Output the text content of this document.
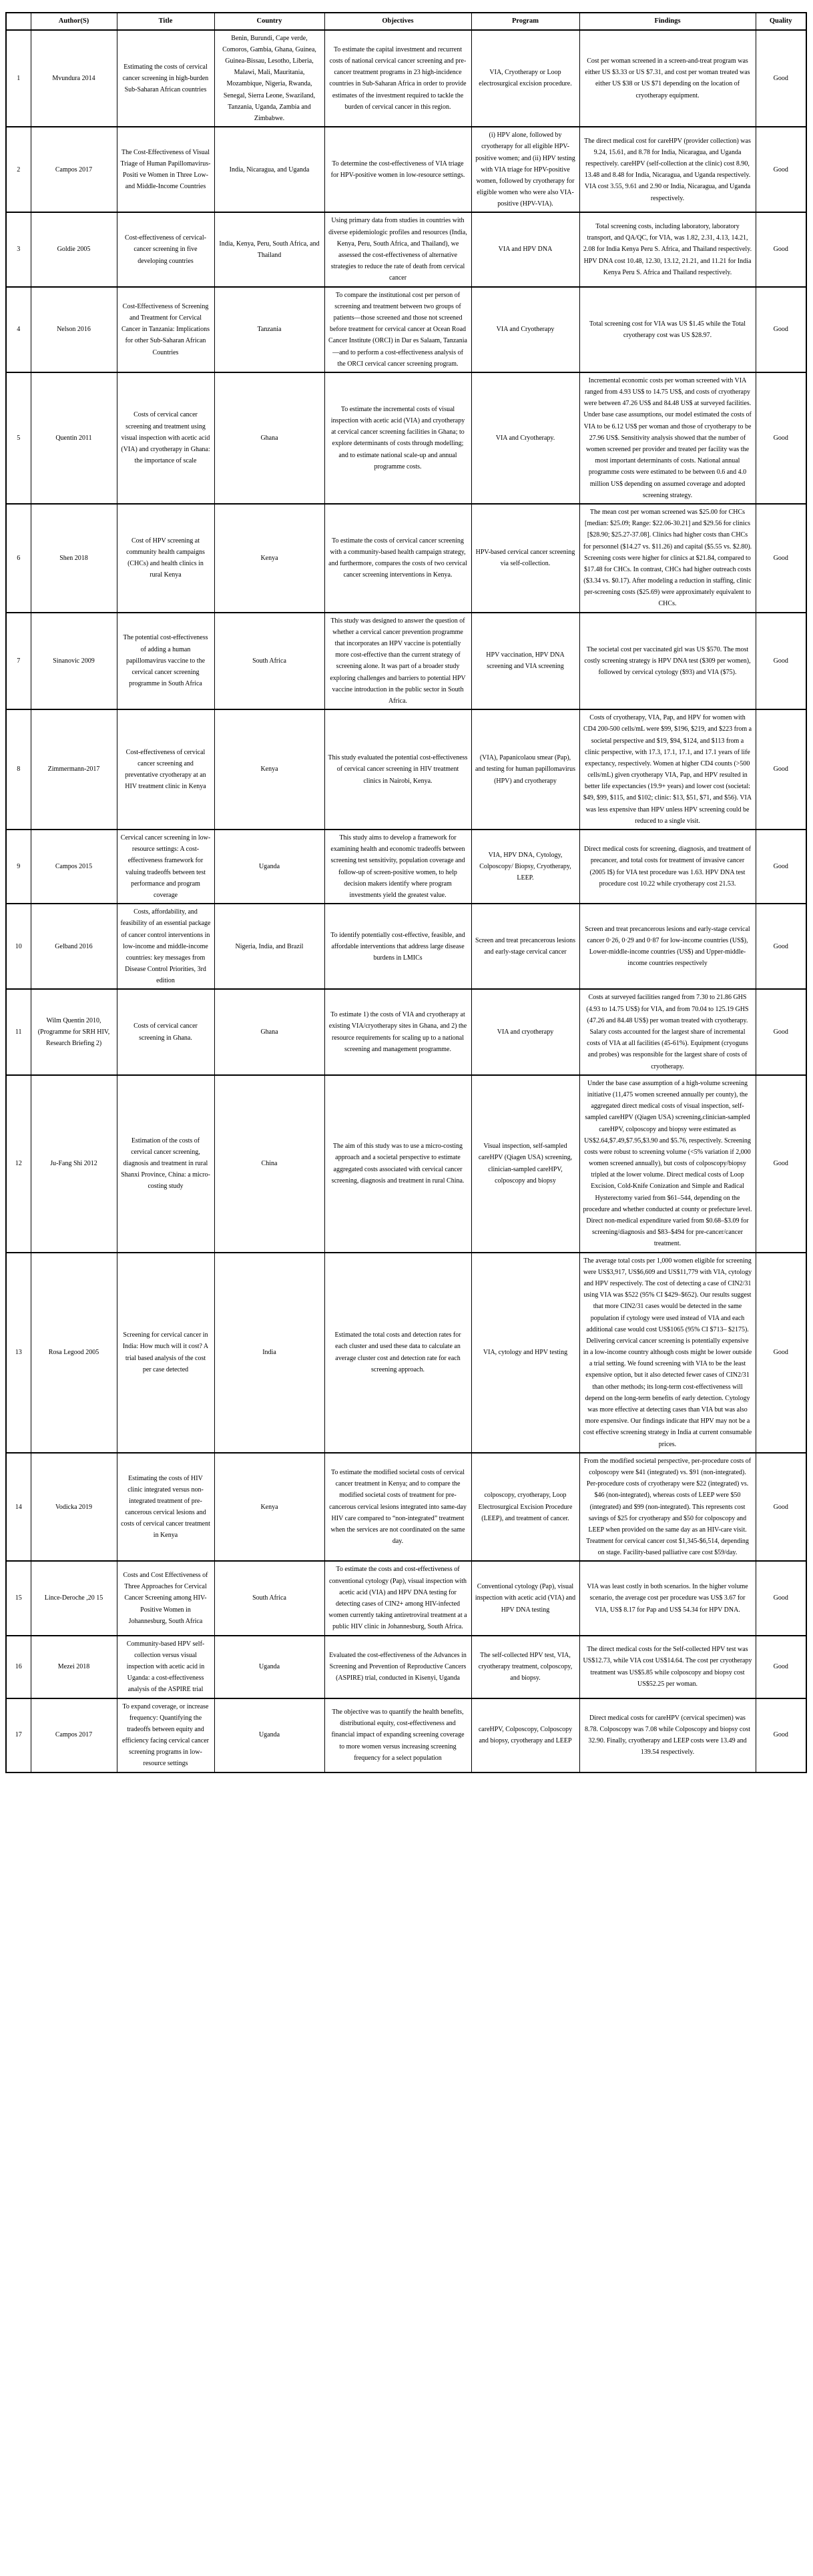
	Author(S)	Title	Country	Objectives	Program	Findings	Quality
1	Mvundura 2014	Estimating the costs of cervical cancer screening in high-burden Sub-Saharan African countries	Benin, Burundi, Cape verde, Comoros, Gambia, Ghana, Guinea, Guinea-Bissau, Lesotho, Liberia, Malawi, Mali, Mauritania, Mozambique, Nigeria, Rwanda, Senegal, Sierra Leone, Swaziland, Tanzania, Uganda, Zambia and Zimbabwe.	To estimate the capital investment and recurrent costs of national cervical cancer screening and pre-cancer treatment programs in 23 high-incidence countries in Sub-Saharan Africa in order to provide estimates of the investment required to tackle the burden of cervical cancer in this region.	VIA, Cryotherapy or Loop electrosurgical excision procedure.	Cost per woman screened in a screen-and-treat program was either US $3.33 or US $7.31, and cost per woman treated was either US $38 or US $71 depending on the location of cryotherapy equipment.	Good
2	Campos 2017	The Cost-Effectiveness of Visual Triage of Human Papillomavirus-Positi ve Women in Three Low- and Middle-Income Countries	India, Nicaragua, and Uganda	To determine the cost-effectiveness of VIA triage for HPV-positive women in low-resource settings.	(i) HPV alone, followed by cryotherapy for all eligible HPV-positive women; and (ii) HPV testing with VIA triage for HPV-positive women, followed by cryotherapy for eligible women who were also VIA-positive (HPV-VIA).	The direct medical cost for careHPV (provider collection) was 9.24, 15.61, and 8.78 for India, Nicaragua, and Uganda respectively. careHPV (self-collection at the clinic) cost 8.90, 13.48 and 8.48 for India, Nicaragua, and Uganda respectively. VIA cost 3.55, 9.61 and 2.90 or India, Nicaragua, and Uganda respectively.	Good
3	Goldie 2005	Cost-effectiveness of cervical-cancer screening in five developing countries	India, Kenya, Peru, South Africa, and Thailand	Using primary data from studies in countries with diverse epidemiologic profiles and resources (India, Kenya, Peru, South Africa, and Thailand), we assessed the cost-effectiveness of alternative strategies to reduce the rate of death from cervical cancer	VIA and HPV DNA	Total screening costs, including laboratory, laboratory transport, and QA/QC, for VIA, was 1.82, 2.31, 4.13, 14.21, 2.08 for India Kenya Peru S. Africa, and Thailand respectively. HPV DNA cost 10.48, 12.30, 13.12, 21.21, and 11.21 for India Kenya Peru S. Africa and Thailand respectively.	Good
4	Nelson 2016	Cost-Effectiveness of Screening and Treatment for Cervical Cancer in Tanzania: Implications for other Sub-Saharan African Countries	Tanzania	To compare the institutional cost per person of screening and treatment between two groups of patients—those screened and those not screened before treatment for cervical cancer at Ocean Road Cancer Institute (ORCI) in Dar es Salaam, Tanzania—and to perform a cost-effectiveness analysis of the ORCI cervical cancer screening program.	VIA and Cryotherapy	Total screening cost for VIA was US $1.45 while the Total cryotherapy cost was US $28.97.	Good
5	Quentin 2011	Costs of cervical cancer screening and treatment using visual inspection with acetic acid (VIA) and cryotherapy in Ghana: the importance of scale	Ghana	To estimate the incremental costs of visual inspection with acetic acid (VIA) and cryotherapy at cervical cancer screening facilities in Ghana; to explore determinants of costs through modelling; and to estimate national scale-up and annual programme costs.	VIA and Cryotherapy.	Incremental economic costs per woman screened with VIA ranged from 4.93 US$ to 14.75 US$, and costs of cryotherapy were between 47.26 US$ and 84.48 US$ at surveyed facilities. Under base case assumptions, our model estimated the costs of VIA to be 6.12 US$ per woman and those of cryotherapy to be 27.96 US$. Sensitivity analysis showed that the number of women screened per provider and treated per facility was the most important determinants of costs. National annual programme costs were estimated to be between 0.6 and 4.0 million US$ depending on assumed coverage and adopted screening strategy.	Good
6	Shen 2018	Cost of HPV screening at community health campaigns (CHCs) and health clinics in rural Kenya	Kenya	To estimate the costs of cervical cancer screening with a community-based health campaign strategy, and furthermore, compares the costs of two cervical cancer screening interventions in Kenya.	HPV-based cervical cancer screening via self-collection.	The mean cost per woman screened was $25.00 for CHCs [median: $25.09; Range: $22.06-30.21] and $29.56 for clinics [$28.90; $25.27-37.08]. Clinics had higher costs than CHCs for personnel ($14.27 vs. $11.26) and capital ($5.55 vs. $2.80). Screening costs were higher for clinics at $21.84, compared to $17.48 for CHCs. In contrast, CHCs had higher outreach costs ($3.34 vs. $0.17). After modeling a reduction in staffing, clinic per-screening costs ($25.69) were approximately equivalent to CHCs.	Good
7	Sinanovic 2009	The potential cost-effectiveness of adding a human papillomavirus vaccine to the cervical cancer screening programme in South Africa	South Africa	This study was designed to answer the question of whether a cervical cancer prevention programme that incorporates an HPV vaccine is potentially more cost-effective than the current strategy of screening alone. It was part of a broader study exploring challenges and barriers to potential HPV vaccine introduction in the public sector in South Africa.	HPV vaccination, HPV DNA screening and VIA screening	The societal cost per vaccinated girl was US $570. The most costly screening strategy is HPV DNA test ($309 per women), followed by cervical cytology ($93) and VIA ($75).	Good
8	Zimmermann-2017	Cost-effectiveness of cervical cancer screening and preventative cryotherapy at an HIV treatment clinic in Kenya	Kenya	This study evaluated the potential cost-effectiveness of cervical cancer screening in HIV treatment clinics in Nairobi, Kenya.	(VIA), Papanicolaou smear (Pap), and testing for human papillomavirus (HPV) and cryotherapy	Costs of cryotherapy, VIA, Pap, and HPV for women with CD4 200-500 cells/mL were $99, $196, $219, and $223 from a societal perspective and $19, $94, $124, and $113 from a clinic perspective, with 17.3, 17.1, 17.1, and 17.1 years of life expectancy, respectively. Women at higher CD4 counts (>500 cells/mL) given cryotherapy VIA, Pap, and HPV resulted in better life expectancies (19.9+ years) and lower cost (societal: $49, $99, $115, and $102; clinic: $13, $51, $71, and $56). VIA was less expensive than HPV unless HPV screening could be reduced to a single visit.	Good
9	Campos 2015	Cervical cancer screening in low-resource settings: A cost-effectiveness framework for valuing tradeoffs between test performance and program coverage	Uganda	This study aims to develop a framework for examining health and economic tradeoffs between screening test sensitivity, population coverage and follow-up of screen-positive women, to help decision makers identify where program investments yield the greatest value.	VIA, HPV DNA, Cytology, Colposcopy/ Biopsy, Cryotherapy, LEEP.	Direct medical costs for screening, diagnosis, and treatment of precancer, and total costs for treatment of invasive cancer (2005 I$) for VIA test procedure was 1.63. HPV DNA test procedure cost 10.22 while cryotherapy cost 21.53.	Good
10	Gelband 2016	Costs, affordability, and feasibility of an essential package of cancer control interventions in low-income and middle-income countries: key messages from Disease Control Priorities, 3rd edition	Nigeria, India, and Brazil	To identify potentially cost-effective, feasible, and affordable interventions that address large disease burdens in LMICs	Screen and treat precancerous lesions and early-stage cervical cancer	Screen and treat precancerous lesions and early-stage cervical cancer 0·26, 0·29 and 0·87 for low-income countries (US$), Lower-middle-income countries (US$) and Upper-middle-income countries respectively	Good
11	Wilm Quentin 2010, (Programme for SRH HIV, Research Briefing 2)	Costs of cervical cancer screening in Ghana.	Ghana	To estimate 1) the costs of VIA and cryotherapy at existing VIA/cryotherapy sites in Ghana, and 2) the resource requirements for scaling up to a national screening and management programme.	VIA and cryotherapy	Costs at surveyed facilities ranged from 7.30 to 21.86 GHS (4.93 to 14.75 US$) for VIA, and from 70.04 to 125.19 GHS (47.26 and 84.48 US$) per woman treated with cryotherapy. Salary costs accounted for the largest share of incremental costs of VIA at all facilities (45-61%). Equipment (cryoguns and probes) was responsible for the largest share of costs of cryotherapy.	Good
12	Ju-Fang Shi 2012	Estimation of the costs of cervical cancer screening, diagnosis and treatment in rural Shanxi Province, China: a micro-costing study	China	The aim of this study was to use a micro-costing approach and a societal perspective to estimate aggregated costs associated with cervical cancer screening, diagnosis and treatment in rural China.	Visual inspection, self-sampled careHPV (Qiagen USA) screening, clinician-sampled careHPV, colposcopy and biopsy	Under the base case assumption of a high-volume screening initiative (11,475 women screened annually per county), the aggregated direct medical costs of visual inspection, self-sampled careHPV (Qiagen USA) screening,clinician-sampled careHPV, colposcopy and biopsy were estimated as US$2.64,$7.49,$7.95,$3.90 and $5.76, respectively. Screening costs were robust to screening volume (<5% variation if 2,000 women screened annually), but costs of colposcopy/biopsy tripled at the lower volume. Direct medical costs of Loop Excision, Cold-Knife Conization and Simple and Radical Hysterectomy varied from $61–544, depending on the procedure and whether conducted at county or prefecture level. Direct non-medical expenditure varied from $0.68–$3.09 for screening/diagnosis and $83–$494 for pre-cancer/cancer treatment.	Good
13	Rosa Legood 2005	Screening for cervical cancer in India: How much will it cost? A trial based analysis of the cost per case detected	India	Estimated the total costs and detection rates for each cluster and used these data to calculate an average cluster cost and detection rate for each screening approach.	VIA, cytology and HPV testing	The average total costs per 1,000 women eligible for screening were US$3,917, US$6,609 and US$11,779 with VIA, cytology and HPV respectively. The cost of detecting a case of CIN2/31 using VIA was $522 (95% CI $429–$652). Our results suggest that more CIN2/31 cases would be detected in the same population if cytology were used instead of VIA and each additional case would cost US$1065 (95% CI $713– $2175). Delivering cervical cancer screening is potentially expensive in a low-income country although costs might be lower outside a trial setting. We found screening with VIA to be the least expensive option, but it also detected fewer cases of CIN2/31 than other methods; its long-term cost-effectiveness will depend on the long-term benefits of early detection. Cytology was more effective at detecting cases than VIA but was also more expensive. Our findings indicate that HPV may not be a cost effective screening strategy in India at current consumable prices.	Good
14	Vodicka 2019	Estimating the costs of HIV clinic integrated versus non-integrated treatment of pre-cancerous cervical lesions and costs of cervical cancer treatment in Kenya	Kenya	To estimate the modified societal costs of cervical cancer treatment in Kenya; and to compare the modified societal costs of treatment for pre-cancerous cervical lesions integrated into same-day HIV care compared to “non-integrated” treatment when the services are not coordinated on the same day.	colposcopy, cryotherapy, Loop Electrosurgical Excision Procedure (LEEP), and treatment of cancer.	From the modified societal perspective, per-procedure costs of colposcopy were $41 (integrated) vs. $91 (non-integrated). Per-procedure costs of cryotherapy were $22 (integrated) vs. $46 (non-integrated), whereas costs of LEEP were $50 (integrated) and $99 (non-integrated). This represents cost savings of $25 for cryotherapy and $50 for colposcopy and LEEP when provided on the same day as an HIV-care visit. Treatment for cervical cancer cost $1,345-$6,514, depending on stage. Facility-based palliative care cost $59/day.	Good
15	Lince-Deroche ,20 15	Costs and Cost Effectiveness of Three Approaches for Cervical Cancer Screening among HIV-Positive Women in Johannesburg, South Africa	South Africa	To estimate the costs and cost-effectiveness of conventional cytology (Pap), visual inspection with acetic acid (VIA) and HPV DNA testing for detecting cases of CIN2+ among HIV-infected women currently taking antiretroviral treatment at a public HIV clinic in Johannesburg, South Africa.	Conventional cytology (Pap), visual inspection with acetic acid (VIA) and HPV DNA testing	VIA was least costly in both scenarios. In the higher volume scenario, the average cost per procedure was US$ 3.67 for VIA, US$ 8.17 for Pap and US$ 54.34 for HPV DNA.	Good
16	Mezei 2018	Community-based HPV self-collection versus visual inspection with acetic acid in Uganda: a cost-effectiveness analysis of the ASPIRE trial	Uganda	Evaluated the cost-effectiveness of the Advances in Screening and Prevention of Reproductive Cancers (ASPIRE) trial, conducted in Kisenyi, Uganda	The self-collected HPV test, VIA, cryotherapy treatment, colposcopy, and biopsy.	The direct medical costs for the Self-collected HPV test was US$12.73, while VIA cost US$14.64. The cost per cryotherapy treatment was US$5.85 while colposcopy and biopsy cost US$52.25 per woman.	Good
17	Campos 2017	To expand coverage, or increase frequency: Quantifying the tradeoffs between equity and efficiency facing cervical cancer screening programs in low-resource settings	Uganda	The objective was to quantify the health benefits, distributional equity, cost-effectiveness and financial impact of expanding screening coverage to more women versus increasing screening frequency for a select population	careHPV, Colposcopy, Colposcopy and biopsy, cryotherapy and LEEP	Direct medical costs for careHPV (cervical specimen) was 8.78. Colposcopy was 7.08 while Colposcopy and biopsy cost 32.90. Finally, cryotherapy and LEEP costs were 13.49 and 139.54 respectively.	Good
